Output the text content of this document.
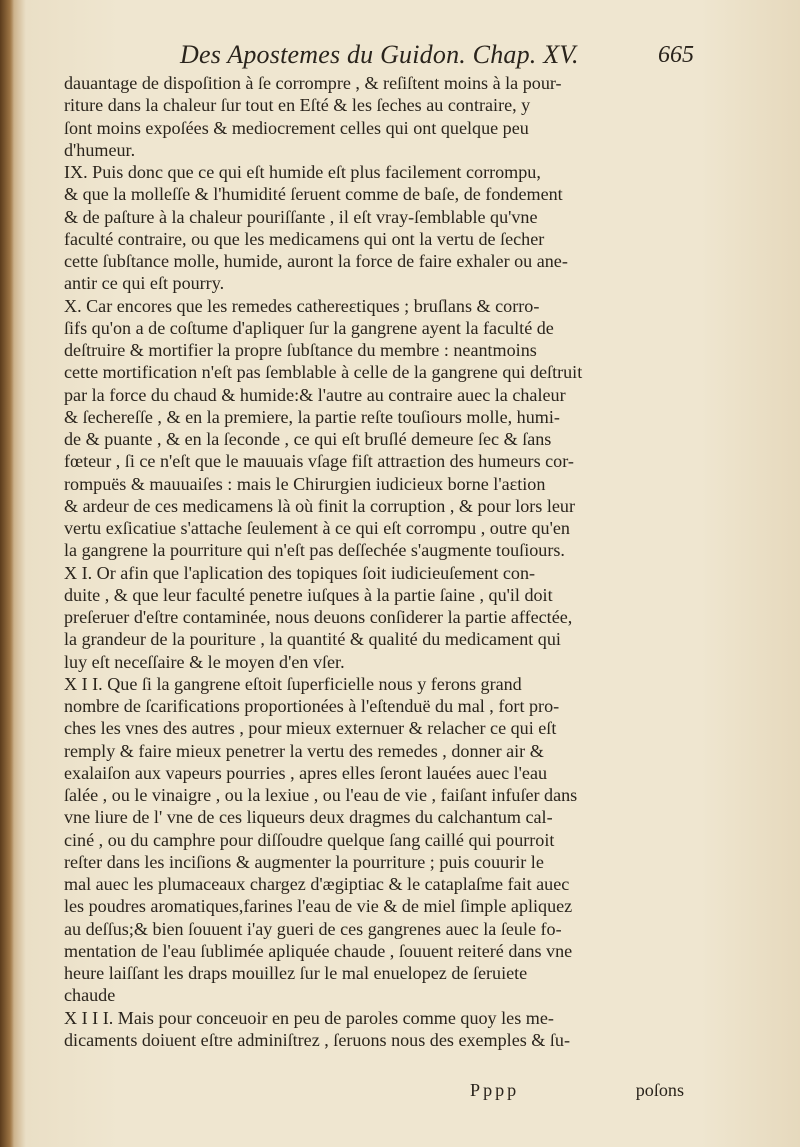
Des Apostemes du Guidon. Chap. XV.	665
dauantage de dispoſition à ſe corrompre , & reſiſtent moins à la pour-
riture dans la chaleur ſur tout en Eſté & les ſeches au contraire, y
ſont moins expoſées & mediocrement celles qui ont quelque peu
d'humeur.
IX. Puis donc que ce qui eſt humide eſt plus facilement corrompu,
& que la molleſſe & l'humidité ſeruent comme de baſe, de fondement
& de paſture à la chaleur pouriſſante , il eſt vray-ſemblable qu'vne
faculté contraire, ou que les medicamens qui ont la vertu de ſecher
cette ſubſtance molle, humide, auront la force de faire exhaler ou ane-
antir ce qui eſt pourry.
X. Car encores que les remedes cathereɛtiques ; bruſlans & corro-
ſifs qu'on a de coſtume d'apliquer ſur la gangrene ayent la faculté de
deſtruire & mortifier la propre ſubſtance du membre : neantmoins
cette mortification n'eſt pas ſemblable à celle de la gangrene qui deſtruit
par la force du chaud & humide:& l'autre au contraire auec la chaleur
& ſechereſſe , & en la premiere, la partie reſte touſiours molle, humi-
de & puante , & en la ſeconde , ce qui eſt bruſlé demeure ſec & ſans
fœteur , ſi ce n'eſt que le mauuais vſage fiſt attraɛtion des humeurs cor-
rompuës & mauuaiſes : mais le Chirurgien iudicieux borne l'aɛtion
& ardeur de ces medicamens là où finit la corruption , & pour lors leur
vertu exſicatiue s'attache ſeulement à ce qui eſt corrompu , outre qu'en
la gangrene la pourriture qui n'eſt pas deſſechée s'augmente touſiours.
X I. Or afin que l'aplication des topiques ſoit iudicieuſement con-
duite , & que leur faculté penetre iuſques à la partie ſaine , qu'il doit
preſeruer d'eſtre contaminée, nous deuons conſiderer la partie affectée,
la grandeur de la pouriture , la quantité & qualité du medicament qui
luy eſt neceſſaire & le moyen d'en vſer.
X I I. Que ſi la gangrene eſtoit ſuperficielle nous y ferons grand
nombre de ſcarifications proportionées à l'eſtenduë du mal , fort pro-
ches les vnes des autres , pour mieux externuer & relacher ce qui eſt
remply & faire mieux penetrer la vertu des remedes , donner air &
exalaiſon aux vapeurs pourries , apres elles ſeront lauées auec l'eau
ſalée , ou le vinaigre , ou la lexiue , ou l'eau de vie , faiſant infuſer dans
vne liure de l' vne de ces liqueurs deux dragmes du calchantum cal-
ciné , ou du camphre pour diſſoudre quelque ſang caillé qui pourroit
reſter dans les inciſions & augmenter la pourriture ; puis couurir le
mal auec les plumaceaux chargez d'ægiptiac & le cataplaſme fait auec
les poudres aromatiques,farines l'eau de vie & de miel ſimple apliquez
au deſſus;& bien ſouuent i'ay gueri de ces gangrenes auec la ſeule fo-
mentation de l'eau ſublimée apliquée chaude , ſouuent reiteré dans vne
heure laiſſant les draps mouillez ſur le mal enuelopez de ſeruiete
chaude
X I I I. Mais pour conceuoir en peu de paroles comme quoy les me-
dicaments doiuent eſtre adminiſtrez , ſeruons nous des exemples & ſu-
Pppp	poſons
